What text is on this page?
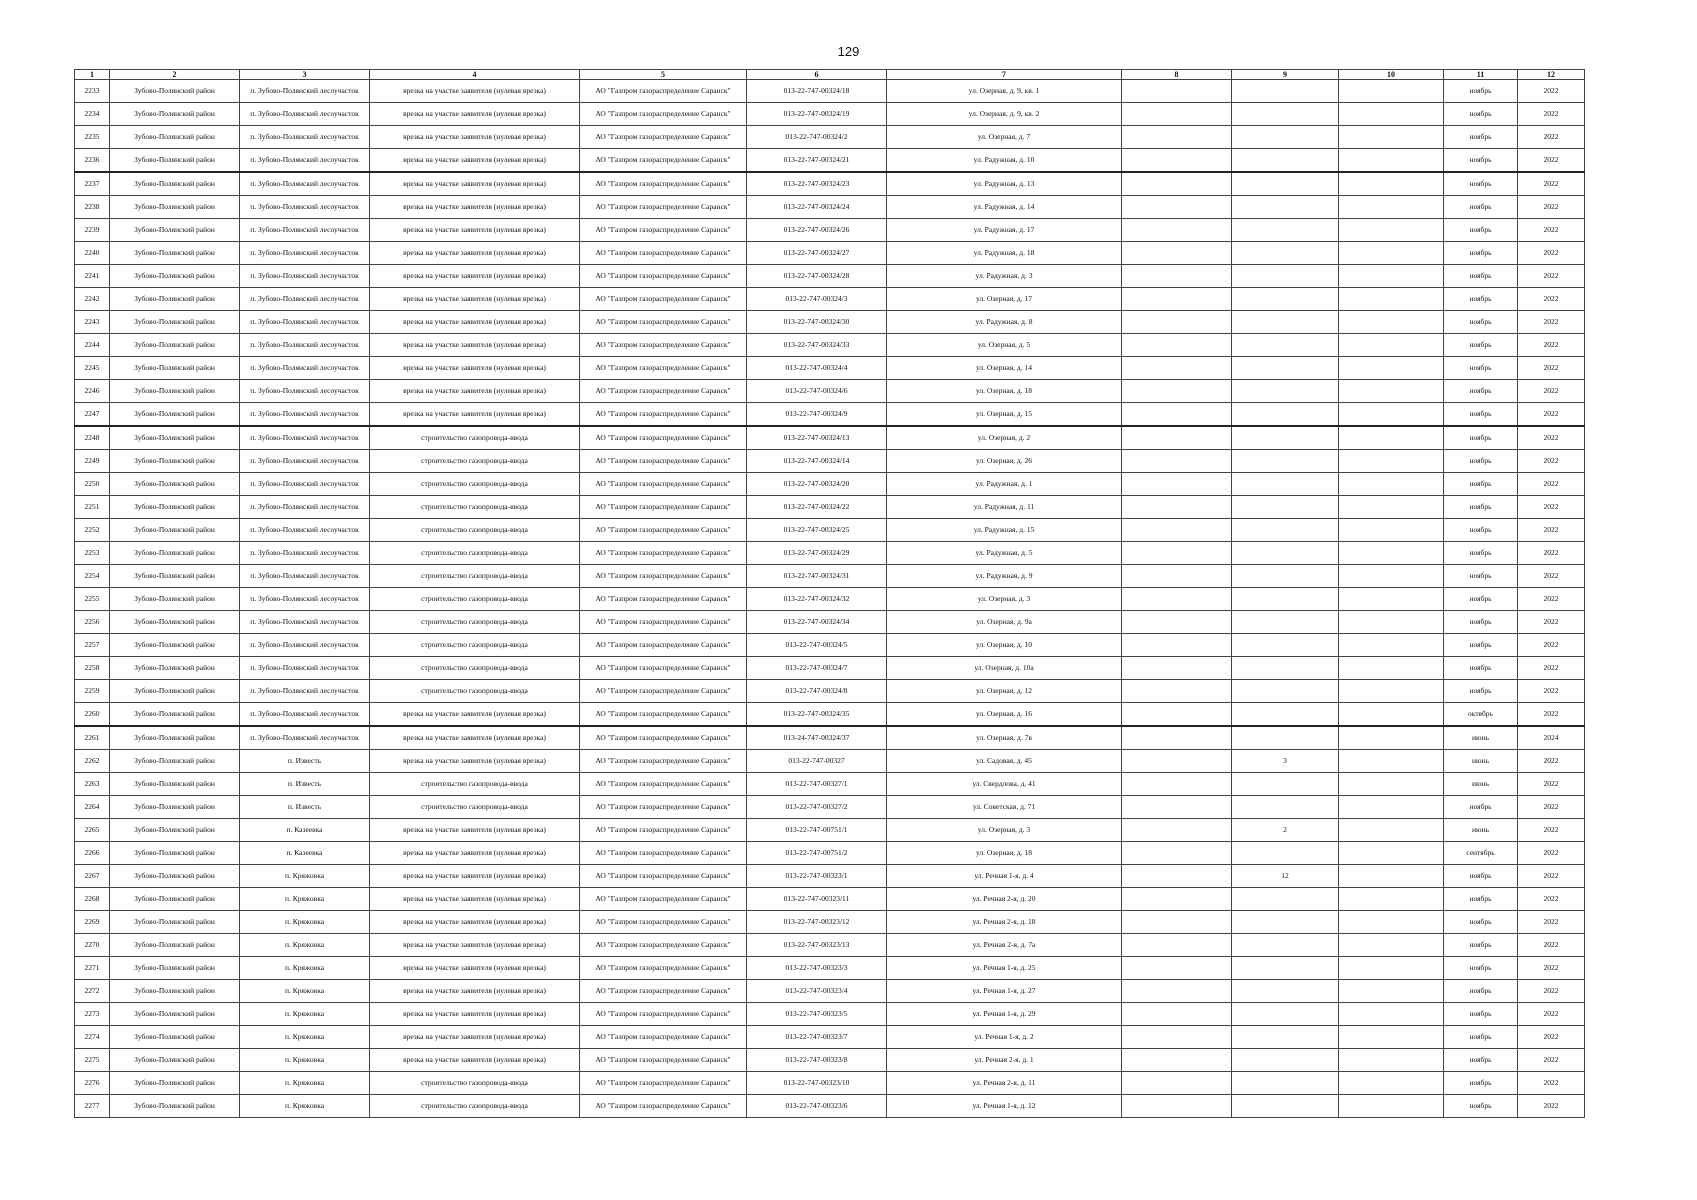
129
1	2	3	4	5	6	7	8	9	10	11	12
2233	Зубово-Полянский район	п. Зубово-Полянский лесоучасток	врезка на участке заявителя (нулевая врезка)	АО "Газпром газораспределение Саранск"	013-22-747-00324/18	ул. Озерная, д. 9, кв. 1				ноябрь	2022
2234	Зубово-Полянский район	п. Зубово-Полянский лесоучасток	врезка на участке заявителя (нулевая врезка)	АО "Газпром газораспределение Саранск"	013-22-747-00324/19	ул. Озерная, д. 9, кв. 2				ноябрь	2022
2235	Зубово-Полянский район	п. Зубово-Полянский лесоучасток	врезка на участке заявителя (нулевая врезка)	АО "Газпром газораспределение Саранск"	013-22-747-00324/2	ул. Озерная, д. 7				ноябрь	2022
2236	Зубово-Полянский район	п. Зубово-Полянский лесоучасток	врезка на участке заявителя (нулевая врезка)	АО "Газпром газораспределение Саранск"	013-22-747-00324/21	ул. Радужная, д. 10				ноябрь	2022
2237	Зубово-Полянский район	п. Зубово-Полянский лесоучасток	врезка на участке заявителя (нулевая врезка)	АО "Газпром газораспределение Саранск"	013-22-747-00324/23	ул. Радужная, д. 13				ноябрь	2022
2238	Зубово-Полянский район	п. Зубово-Полянский лесоучасток	врезка на участке заявителя (нулевая врезка)	АО "Газпром газораспределение Саранск"	013-22-747-00324/24	ул. Радужная, д. 14				ноябрь	2022
2239	Зубово-Полянский район	п. Зубово-Полянский лесоучасток	врезка на участке заявителя (нулевая врезка)	АО "Газпром газораспределение Саранск"	013-22-747-00324/26	ул. Радужная, д. 17				ноябрь	2022
2240	Зубово-Полянский район	п. Зубово-Полянский лесоучасток	врезка на участке заявителя (нулевая врезка)	АО "Газпром газораспределение Саранск"	013-22-747-00324/27	ул. Радужная, д. 18				ноябрь	2022
2241	Зубово-Полянский район	п. Зубово-Полянский лесоучасток	врезка на участке заявителя (нулевая врезка)	АО "Газпром газораспределение Саранск"	013-22-747-00324/28	ул. Радужная, д. 3				ноябрь	2022
2242	Зубово-Полянский район	п. Зубово-Полянский лесоучасток	врезка на участке заявителя (нулевая врезка)	АО "Газпром газораспределение Саранск"	013-22-747-00324/3	ул. Озерная, д. 17				ноябрь	2022
2243	Зубово-Полянский район	п. Зубово-Полянский лесоучасток	врезка на участке заявителя (нулевая врезка)	АО "Газпром газораспределение Саранск"	013-22-747-00324/30	ул. Радужная, д. 8				ноябрь	2022
2244	Зубово-Полянский район	п. Зубово-Полянский лесоучасток	врезка на участке заявителя (нулевая врезка)	АО "Газпром газораспределение Саранск"	013-22-747-00324/33	ул. Озерная, д. 5				ноябрь	2022
2245	Зубово-Полянский район	п. Зубово-Полянский лесоучасток	врезка на участке заявителя (нулевая врезка)	АО "Газпром газораспределение Саранск"	013-22-747-00324/4	ул. Озерная, д. 14				ноябрь	2022
2246	Зубово-Полянский район	п. Зубово-Полянский лесоучасток	врезка на участке заявителя (нулевая врезка)	АО "Газпром газораспределение Саранск"	013-22-747-00324/6	ул. Озерная, д. 18				ноябрь	2022
2247	Зубово-Полянский район	п. Зубово-Полянский лесоучасток	врезка на участке заявителя (нулевая врезка)	АО "Газпром газораспределение Саранск"	013-22-747-00324/9	ул. Озерная, д. 15				ноябрь	2022
2248	Зубово-Полянский район	п. Зубово-Полянский лесоучасток	строительство газопровода-ввода	АО "Газпром газораспределение Саранск"	013-22-747-00324/13	ул. Озерная, д. 2				ноябрь	2022
2249	Зубово-Полянский район	п. Зубово-Полянский лесоучасток	строительство газопровода-ввода	АО "Газпром газораспределение Саранск"	013-22-747-00324/14	ул. Озерная, д. 26				ноябрь	2022
2250	Зубово-Полянский район	п. Зубово-Полянский лесоучасток	строительство газопровода-ввода	АО "Газпром газораспределение Саранск"	013-22-747-00324/20	ул. Радужная, д. 1				ноябрь	2022
2251	Зубово-Полянский район	п. Зубово-Полянский лесоучасток	строительство газопровода-ввода	АО "Газпром газораспределение Саранск"	013-22-747-00324/22	ул. Радужная, д. 11				ноябрь	2022
2252	Зубово-Полянский район	п. Зубово-Полянский лесоучасток	строительство газопровода-ввода	АО "Газпром газораспределение Саранск"	013-22-747-00324/25	ул. Радужная, д. 15				ноябрь	2022
2253	Зубово-Полянский район	п. Зубово-Полянский лесоучасток	строительство газопровода-ввода	АО "Газпром газораспределение Саранск"	013-22-747-00324/29	ул. Радужная, д. 5				ноябрь	2022
2254	Зубово-Полянский район	п. Зубово-Полянский лесоучасток	строительство газопровода-ввода	АО "Газпром газораспределение Саранск"	013-22-747-00324/31	ул. Радужная, д. 9				ноябрь	2022
2255	Зубово-Полянский район	п. Зубово-Полянский лесоучасток	строительство газопровода-ввода	АО "Газпром газораспределение Саранск"	013-22-747-00324/32	ул. Озерная, д. 3				ноябрь	2022
2256	Зубово-Полянский район	п. Зубово-Полянский лесоучасток	строительство газопровода-ввода	АО "Газпром газораспределение Саранск"	013-22-747-00324/34	ул. Озерная, д. 9а				ноябрь	2022
2257	Зубово-Полянский район	п. Зубово-Полянский лесоучасток	строительство газопровода-ввода	АО "Газпром газораспределение Саранск"	013-22-747-00324/5	ул. Озерная, д. 10				ноябрь	2022
2258	Зубово-Полянский район	п. Зубово-Полянский лесоучасток	строительство газопровода-ввода	АО "Газпром газораспределение Саранск"	013-22-747-00324/7	ул. Озерная, д. 10а				ноябрь	2022
2259	Зубово-Полянский район	п. Зубово-Полянский лесоучасток	строительство газопровода-ввода	АО "Газпром газораспределение Саранск"	013-22-747-00324/8	ул. Озерная, д. 12				ноябрь	2022
2260	Зубово-Полянский район	п. Зубово-Полянский лесоучасток	врезка на участке заявителя (нулевая врезка)	АО "Газпром газораспределение Саранск"	013-22-747-00324/35	ул. Озерная, д. 16				октябрь	2022
2261	Зубово-Полянский район	п. Зубово-Полянский лесоучасток	врезка на участке заявителя (нулевая врезка)	АО "Газпром газораспределение Саранск"	013-24-747-00324/37	ул. Озерная, д. 7в				июнь	2024
2262	Зубово-Полянский район	п. Известь	врезка на участке заявителя (нулевая врезка)	АО "Газпром газораспределение Саранск"	013-22-747-00327	ул. Садовая, д. 45		3		июнь	2022
2263	Зубово-Полянский район	п. Известь	строительство газопровода-ввода	АО "Газпром газораспределение Саранск"	013-22-747-00327/1	ул. Свердлова, д. 41				июнь	2022
2264	Зубово-Полянский район	п. Известь	строительство газопровода-ввода	АО "Газпром газораспределение Саранск"	013-22-747-00327/2	ул. Советская, д. 71				ноябрь	2022
2265	Зубово-Полянский район	п. Казеевка	врезка на участке заявителя (нулевая врезка)	АО "Газпром газораспределение Саранск"	013-22-747-00751/1	ул. Озерная, д. 3		2		июнь	2022
2266	Зубово-Полянский район	п. Казеевка	врезка на участке заявителя (нулевая врезка)	АО "Газпром газораспределение Саранск"	013-22-747-00751/2	ул. Озерная, д. 18				сентябрь	2022
2267	Зубово-Полянский район	п. Кряжовка	врезка на участке заявителя (нулевая врезка)	АО "Газпром газораспределение Саранск"	013-22-747-00323/1	ул. Речная 1-я, д. 4		12		ноябрь	2022
2268	Зубово-Полянский район	п. Кряжовка	врезка на участке заявителя (нулевая врезка)	АО "Газпром газораспределение Саранск"	013-22-747-00323/11	ул. Речная 2-я, д. 20				ноябрь	2022
2269	Зубово-Полянский район	п. Кряжовка	врезка на участке заявителя (нулевая врезка)	АО "Газпром газораспределение Саранск"	013-22-747-00323/12	ул. Речная 2-я, д. 18				ноябрь	2022
2270	Зубово-Полянский район	п. Кряжовка	врезка на участке заявителя (нулевая врезка)	АО "Газпром газораспределение Саранск"	013-22-747-00323/13	ул. Речная 2-я, д. 7а				ноябрь	2022
2271	Зубово-Полянский район	п. Кряжовка	врезка на участке заявителя (нулевая врезка)	АО "Газпром газораспределение Саранск"	013-22-747-00323/3	ул. Речная 1-я, д. 25				ноябрь	2022
2272	Зубово-Полянский район	п. Кряжовка	врезка на участке заявителя (нулевая врезка)	АО "Газпром газораспределение Саранск"	013-22-747-00323/4	ул. Речная 1-я, д. 27				ноябрь	2022
2273	Зубово-Полянский район	п. Кряжовка	врезка на участке заявителя (нулевая врезка)	АО "Газпром газораспределение Саранск"	013-22-747-00323/5	ул. Речная 1-я, д. 29				ноябрь	2022
2274	Зубово-Полянский район	п. Кряжовка	врезка на участке заявителя (нулевая врезка)	АО "Газпром газораспределение Саранск"	013-22-747-00323/7	ул. Речная 1-я, д. 2				ноябрь	2022
2275	Зубово-Полянский район	п. Кряжовка	врезка на участке заявителя (нулевая врезка)	АО "Газпром газораспределение Саранск"	013-22-747-00323/8	ул. Речная 2-я, д. 1				ноябрь	2022
2276	Зубово-Полянский район	п. Кряжовка	строительство газопровода-ввода	АО "Газпром газораспределение Саранск"	013-22-747-00323/10	ул. Речная 2-я, д. 11				ноябрь	2022
2277	Зубово-Полянский район	п. Кряжовка	строительство газопровода-ввода	АО "Газпром газораспределение Саранск"	013-22-747-00323/6	ул. Речная 1-я, д. 12				ноябрь	2022
